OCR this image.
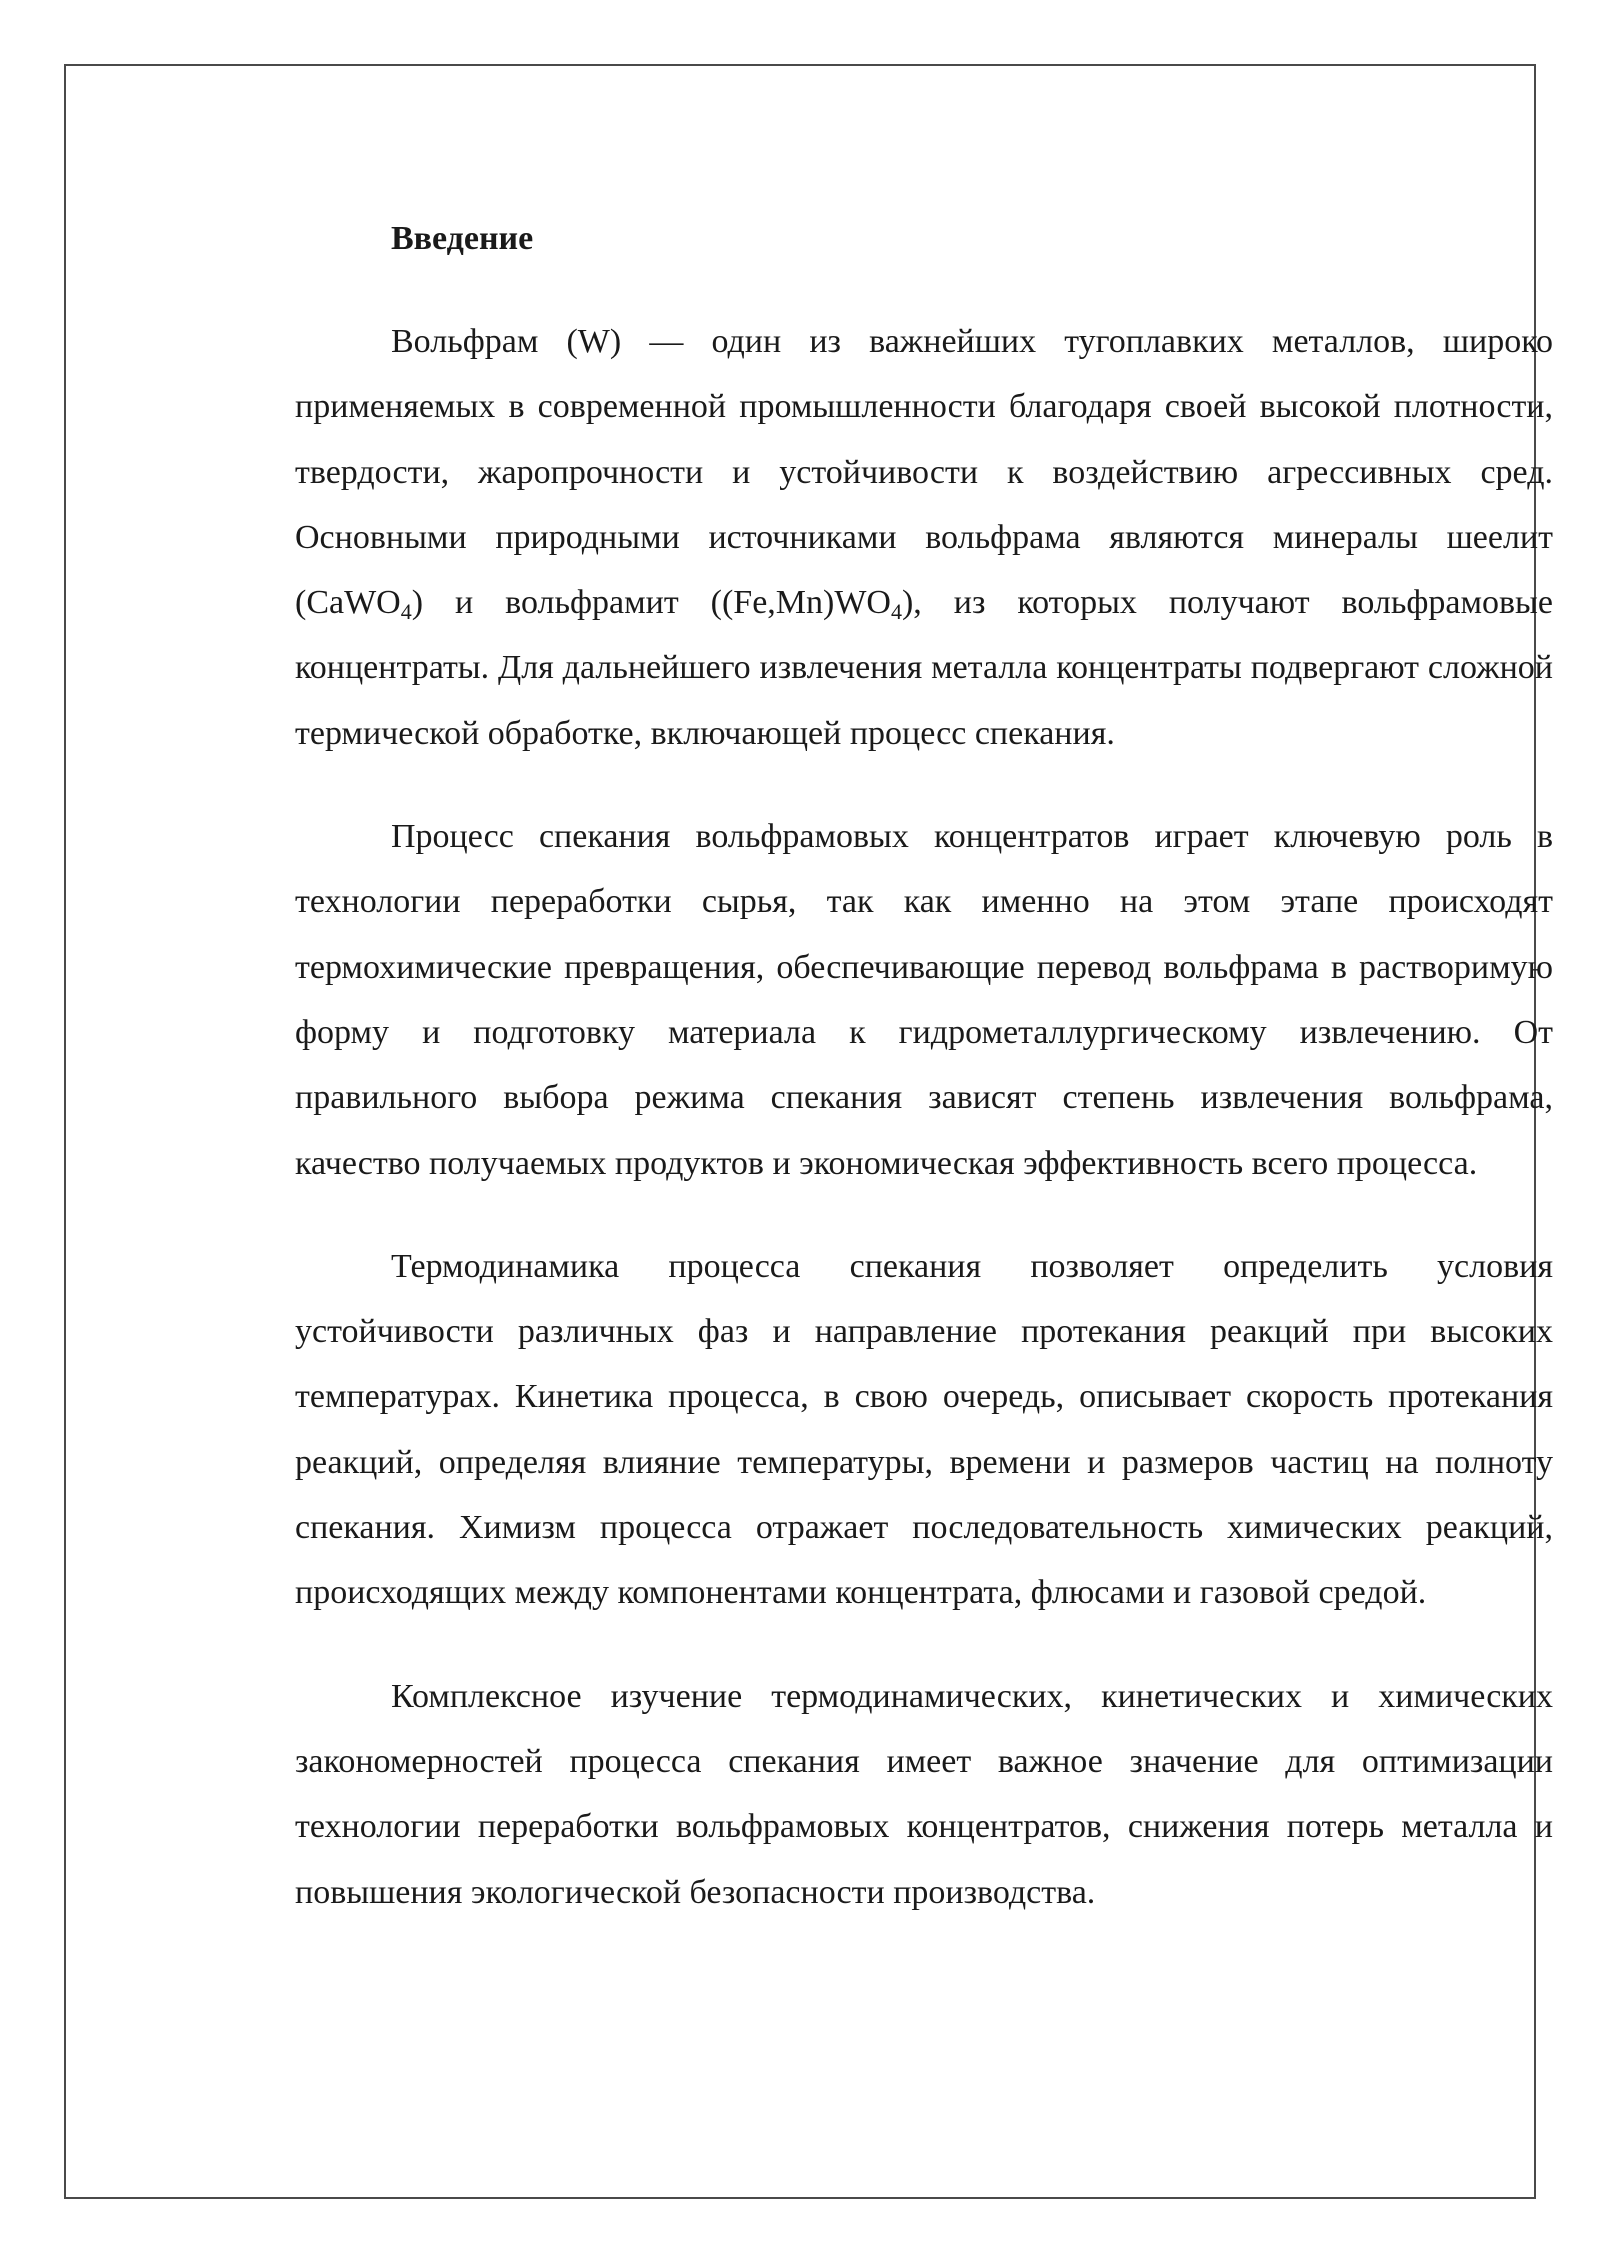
Введение

Вольфрам (W) — один из важнейших тугоплавких металлов, широко применяемых в современной промышленности благодаря своей высокой плотности, твердости, жаропрочности и устойчивости к воздействию агрессивных сред. Основными природными источниками вольфрама являются минералы шеелит (CaWO$_4$) и вольфрамит $((Fe,Mn)WO_4)$, из которых получают вольфрамовые концентраты. Для дальнейшего извлечения металла концентраты подвергают сложной термической обработке, включающей процесс спекания.

Процесс спекания вольфрамовых концентратов играет ключевую роль в технологии переработки сырья, так как именно на этом этапе происходят термохимические превращения, обеспечивающие перевод вольфрама в растворимую форму и подготовку материала к гидрометаллургическому извлечению. От правильного выбора режима спекания зависят степень извлечения вольфрама, качество получаемых продуктов и экономическая эффективность всего процесса.

Термодинамика процесса спекания позволяет определить условия устойчивости различных фаз и направление протекания реакций при высоких температурах. Кинетика процесса, в свою очередь, описывает скорость протекания реакций, определяя влияние температуры, времени и размеров частиц на полноту спекания. Химизм процесса отражает последовательность химических реакций, происходящих между компонентами концентрата, флюсами и газовой средой.

Комплексное изучение термодинамических, кинетических и химических закономерностей процесса спекания имеет важное значение для оптимизации технологии переработки вольфрамовых концентратов, снижения потерь металла и повышения экологической безопасности производства.
